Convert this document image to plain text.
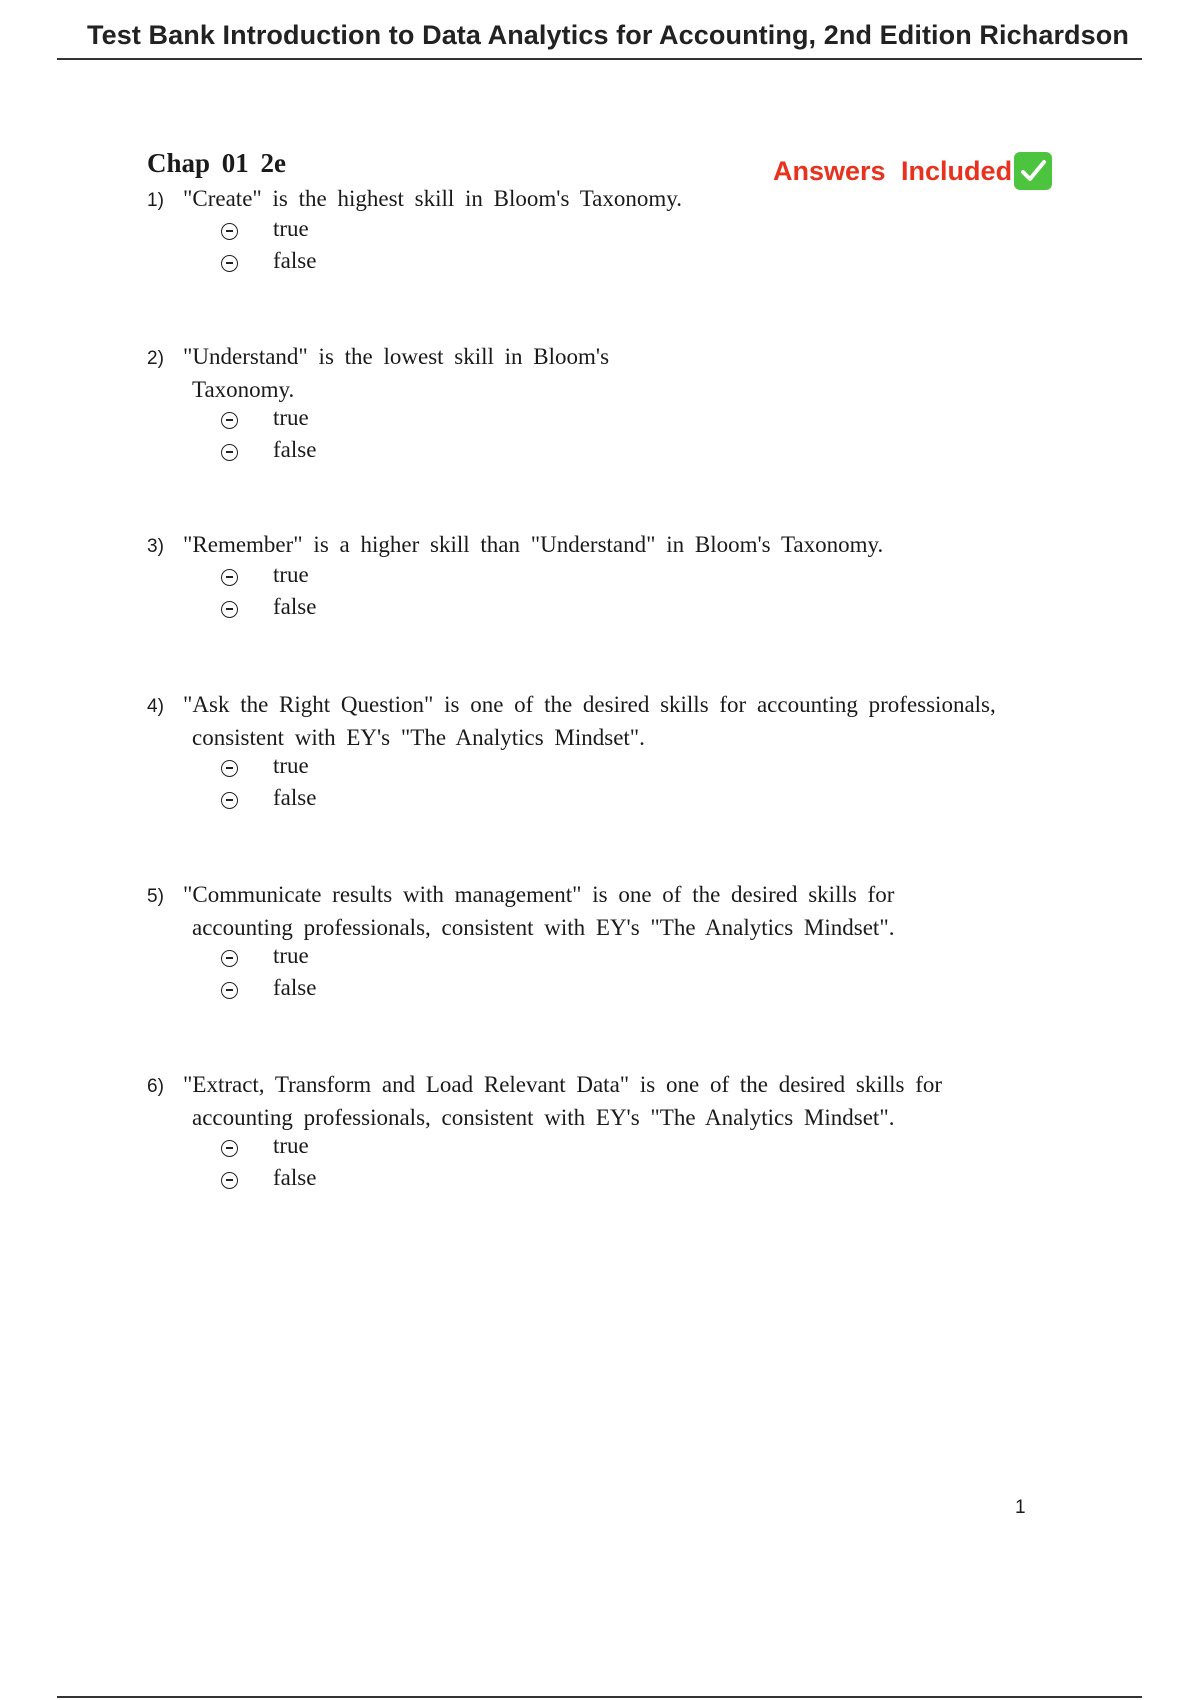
Test Bank Introduction to Data Analytics for Accounting, 2nd Edition Richardson
Chap 01 2e	Answers Included
1) "Create" is the highest skill in Bloom's Taxonomy.
true
false
2) "Understand" is the lowest skill in Bloom's
Taxonomy.
true
false
3) "Remember" is a higher skill than "Understand" in Bloom's Taxonomy.
true
false
4) "Ask the Right Question" is one of the desired skills for accounting professionals,
consistent with EY's "The Analytics Mindset".
true
false
5) "Communicate results with management" is one of the desired skills for
accounting professionals, consistent with EY's "The Analytics Mindset".
true
false
6) "Extract, Transform and Load Relevant Data" is one of the desired skills for
accounting professionals, consistent with EY's "The Analytics Mindset".
true
false
1
